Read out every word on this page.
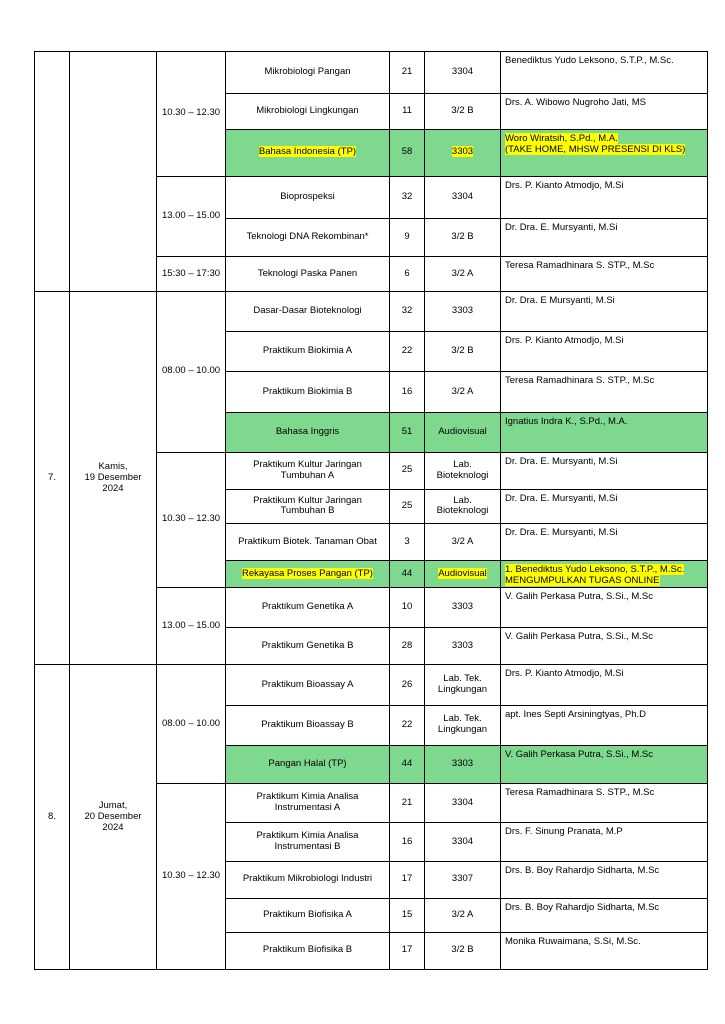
		10.30 – 12.30	Mikrobiologi Pangan	21	3304	Benediktus Yudo Leksono, S.T.P., M.Sc.
			Mikrobiologi Lingkungan	11	3/2 B	Drs. A. Wibowo Nugroho Jati, MS
			Bahasa Indonesia (TP)	58	3303	Woro Wiratsih, S.Pd., M.A.
(TAKE HOME, MHSW PRESENSI DI KLS)
		13.00 – 15.00	Bioprospeksi	32	3304	Drs. P. Kianto Atmodjo, M.Si
			Teknologi DNA Rekombinan*	9	3/2 B	Dr. Dra. E. Mursyanti, M.Si
		15:30 – 17:30	Teknologi Paska Panen	6	3/2 A	Teresa Ramadhinara S. STP., M.Sc
7.	Kamis,
19 Desember
2024	08.00 – 10.00	Dasar-Dasar Bioteknologi	32	3303	Dr. Dra. E Mursyanti, M.Si
			Praktikum Biokimia A	22	3/2 B	Drs. P. Kianto Atmodjo, M.Si
			Praktikum Biokimia B	16	3/2 A	Teresa Ramadhinara S. STP., M.Sc
			Bahasa Inggris	51	Audiovisual	Ignatius Indra K., S.Pd., M.A.
		10.30 – 12.30	Praktikum Kultur Jaringan
Tumbuhan A	25	Lab.
Bioteknologi	Dr. Dra. E. Mursyanti, M.Si
			Praktikum Kultur Jaringan
Tumbuhan B	25	Lab.
Bioteknologi	Dr. Dra. E. Mursyanti, M.Si
			Praktikum Biotek. Tanaman Obat	3	3/2 A	Dr. Dra. E. Mursyanti, M.Si
			Rekayasa Proses Pangan (TP)	44	Audiovisual	1. Benediktus Yudo Leksono, S.T.P., M.Sc.
MENGUMPULKAN TUGAS ONLINE
		13.00 – 15.00	Praktikum Genetika A	10	3303	V. Galih Perkasa Putra, S.Si., M.Sc
			Praktikum Genetika B	28	3303	V. Galih Perkasa Putra, S.Si., M.Sc
8.	Jumat,
20 Desember
2024	08.00 – 10.00	Praktikum Bioassay A	26	Lab. Tek.
Lingkungan	Drs. P. Kianto Atmodjo, M.Si
			Praktikum Bioassay B	22	Lab. Tek.
Lingkungan	apt. Ines Septi Arsiningtyas, Ph.D
			Pangan Halal (TP)	44	3303	V. Galih Perkasa Putra, S.Si., M.Sc
		10.30 – 12.30	Praktikum Kimia Analisa
Instrumentasi A	21	3304	Teresa Ramadhinara S. STP., M.Sc
			Praktikum Kimia Analisa
Instrumentasi B	16	3304	Drs. F. Sinung Pranata, M.P
			Praktikum Mikrobiologi Industri	17	3307	Drs. B. Boy Rahardjo Sidharta, M.Sc
			Praktikum Biofisika A	15	3/2 A	Drs. B. Boy Rahardjo Sidharta, M.Sc
			Praktikum Biofisika B	17	3/2 B	Monika Ruwaimana, S.Si, M.Sc.
